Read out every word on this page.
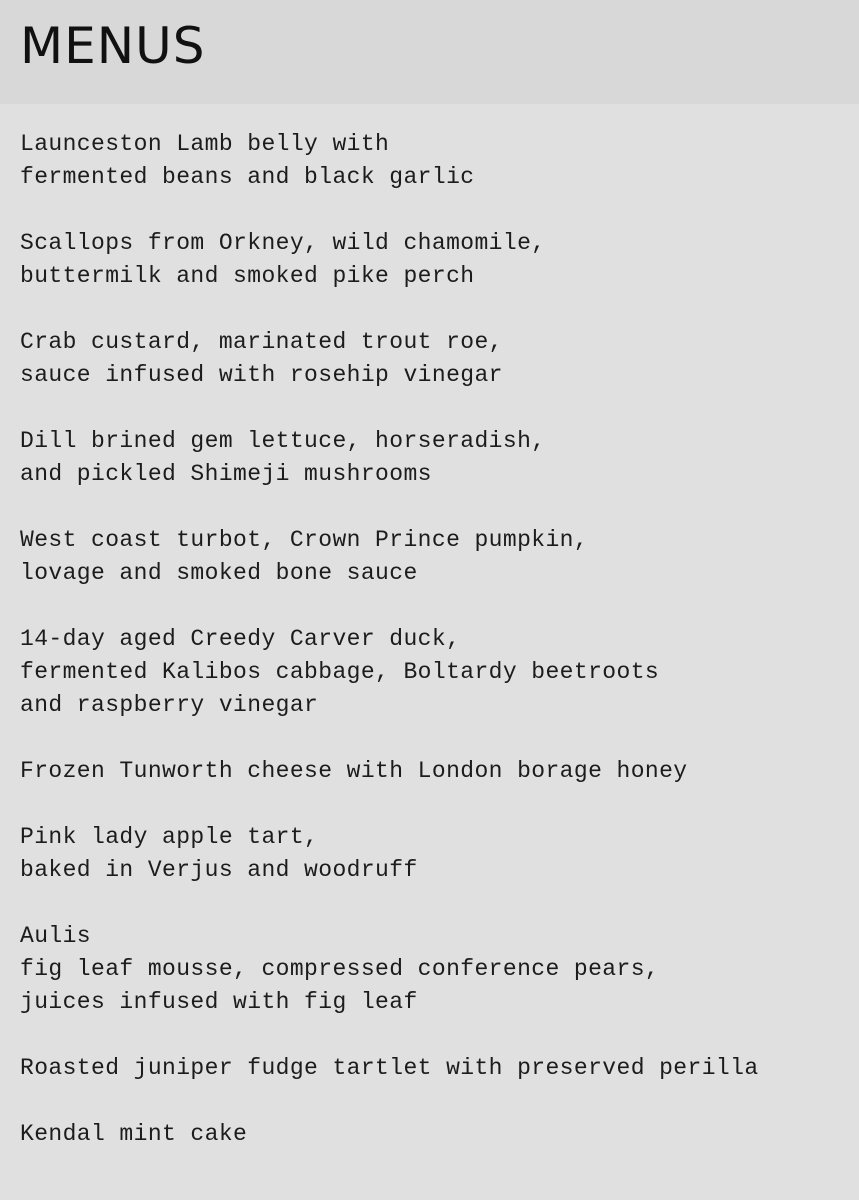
MENUS
Launceston Lamb belly with
fermented beans and black garlic
Scallops from Orkney, wild chamomile,
buttermilk and smoked pike perch
Crab custard, marinated trout roe,
sauce infused with rosehip vinegar
Dill brined gem lettuce, horseradish,
and pickled Shimeji mushrooms
West coast turbot, Crown Prince pumpkin,
lovage and smoked bone sauce
14-day aged Creedy Carver duck,
fermented Kalibos cabbage, Boltardy beetroots
and raspberry vinegar
Frozen Tunworth cheese with London borage honey
Pink lady apple tart,
baked in Verjus and woodruff
Aulis
fig leaf mousse, compressed conference pears,
juices infused with fig leaf
Roasted juniper fudge tartlet with preserved perilla
Kendal mint cake
